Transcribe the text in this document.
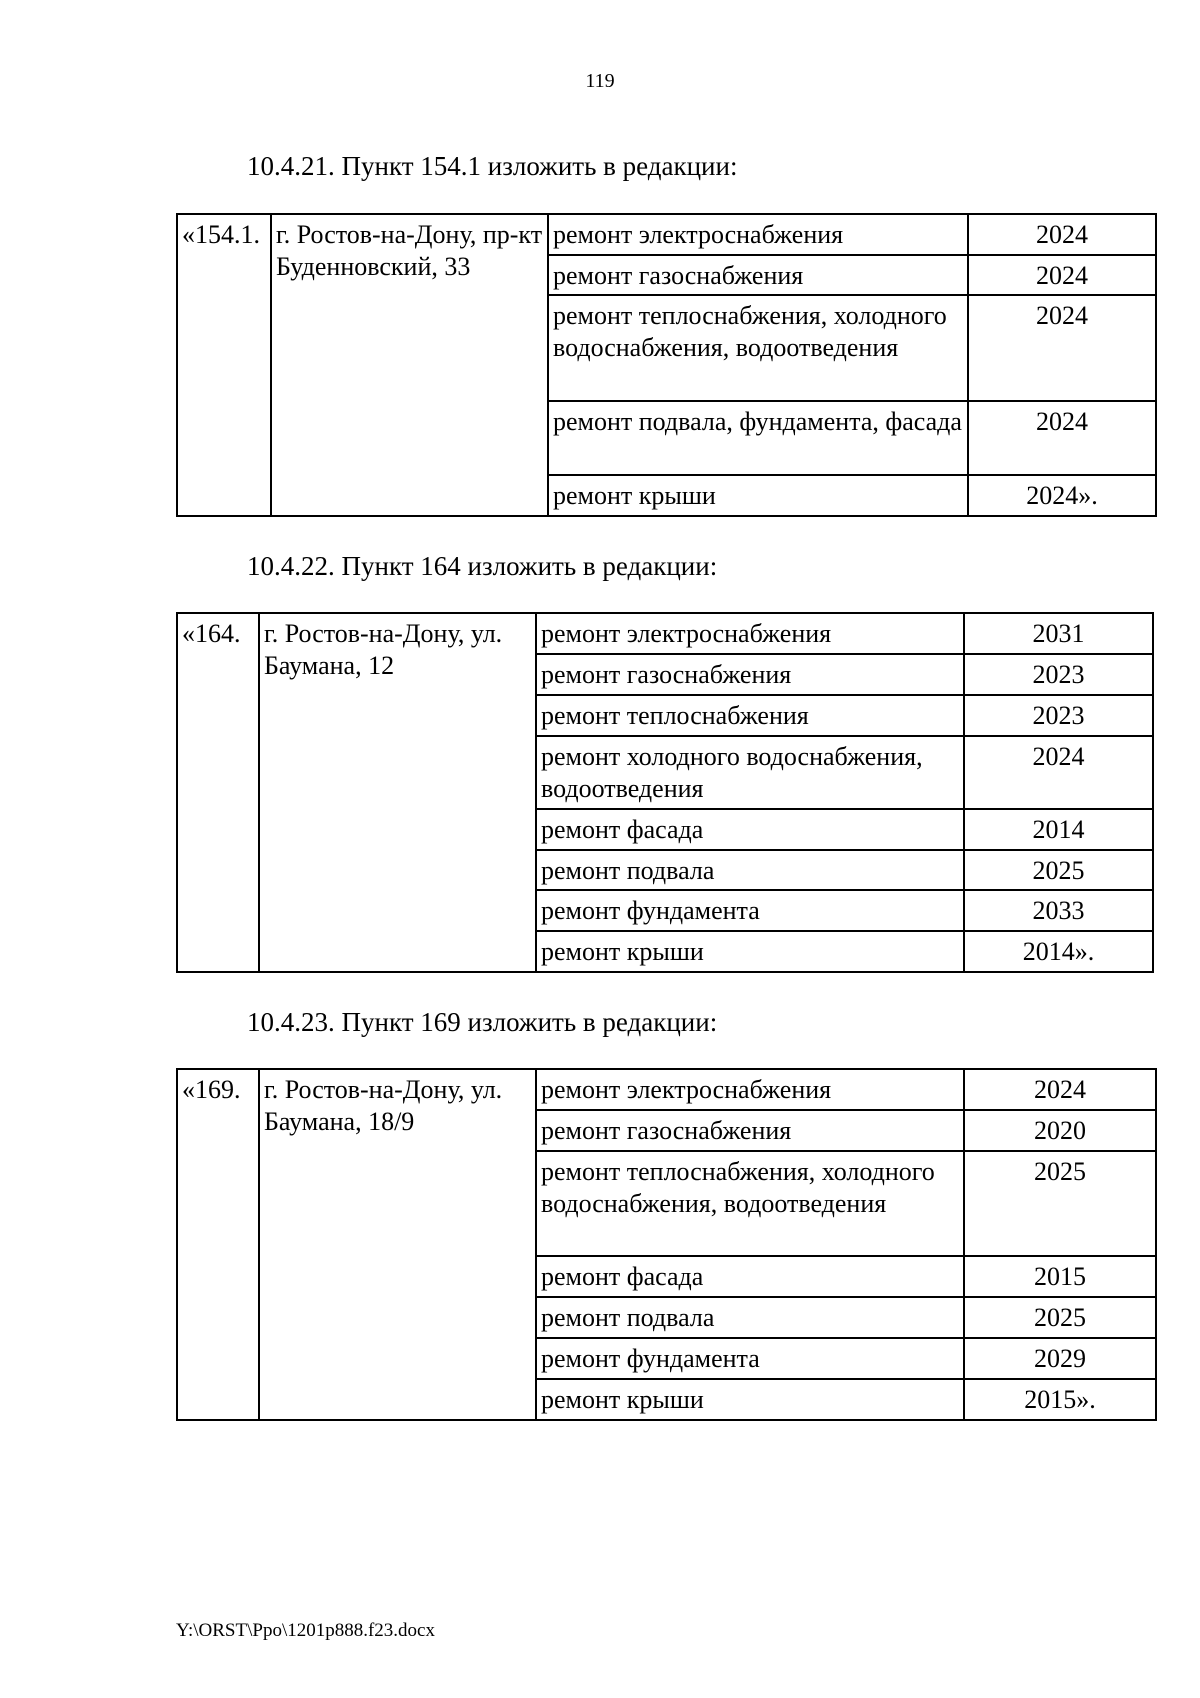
119
10.4.21. Пункт 154.1 изложить в редакции:
«154.1.	г. Ростов-на-Дону, пр-кт Буденновский, 33	ремонт электроснабжения	2024
		ремонт газоснабжения	2024
		ремонт теплоснабжения, холодного водоснабжения, водоотведения	2024
		ремонт подвала, фундамента, фасада	2024
		ремонт крыши	2024».
10.4.22. Пункт 164 изложить в редакции:
«164.	г. Ростов-на-Дону, ул. Баумана, 12	ремонт электроснабжения	2031
		ремонт газоснабжения	2023
		ремонт теплоснабжения	2023
		ремонт холодного водоснабжения, водоотведения	2024
		ремонт фасада	2014
		ремонт подвала	2025
		ремонт фундамента	2033
		ремонт крыши	2014».
10.4.23. Пункт 169 изложить в редакции:
«169.	г. Ростов-на-Дону, ул. Баумана, 18/9	ремонт электроснабжения	2024
		ремонт газоснабжения	2020
		ремонт теплоснабжения, холодного водоснабжения, водоотведения	2025
		ремонт фасада	2015
		ремонт подвала	2025
		ремонт фундамента	2029
		ремонт крыши	2015».
Y:\ORST\Ppo\1201p888.f23.docx
